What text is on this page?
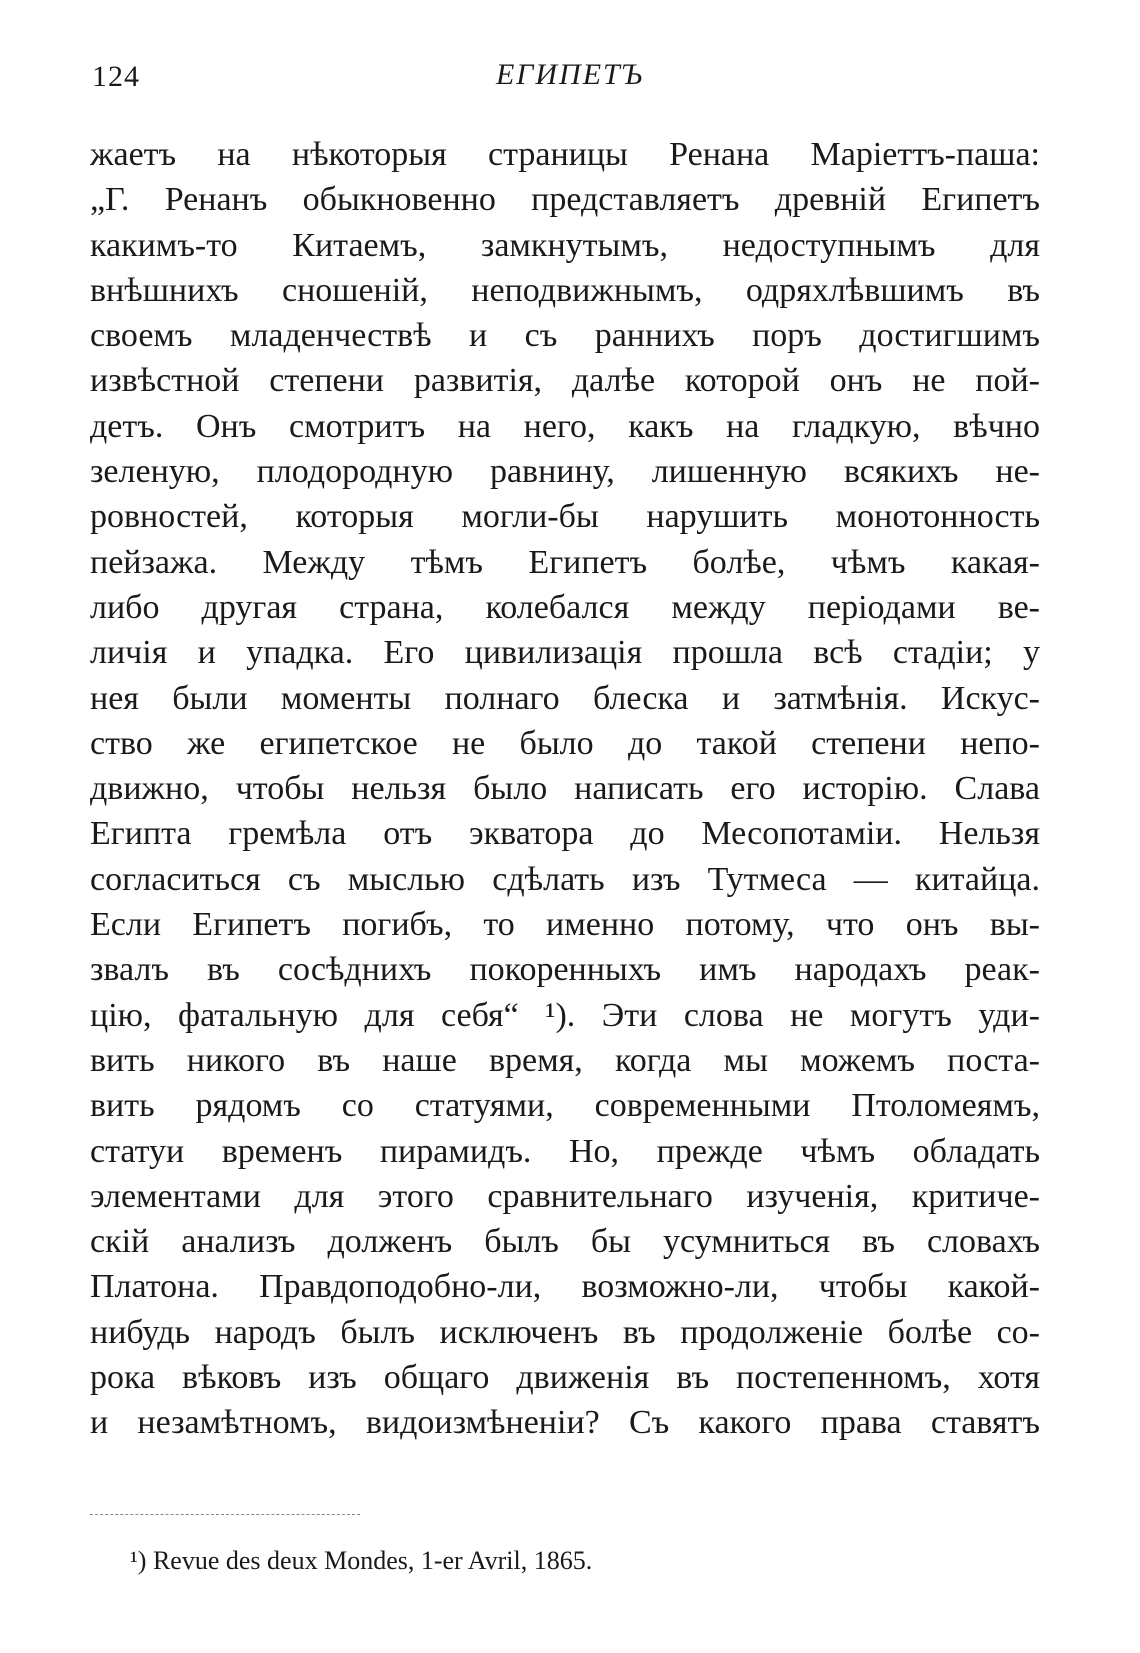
124	ЕГИПЕТЪ
жаетъ на нѣкоторыя страницы Ренана Маріеттъ-паша:
„Г. Ренанъ обыкновенно представляетъ древній Египетъ
какимъ-то Китаемъ, замкнутымъ, недоступнымъ для
внѣшнихъ сношеній, неподвижнымъ, одряхлѣвшимъ въ
своемъ младенчествѣ и съ раннихъ поръ достигшимъ
извѣстной степени развитія, далѣе которой онъ не пой-
детъ. Онъ смотритъ на него, какъ на гладкую, вѣчно
зеленую, плодородную равнину, лишенную всякихъ не-
ровностей, которыя могли-бы нарушить монотонность
пейзажа. Между тѣмъ Египетъ болѣе, чѣмъ какая-
либо другая страна, колебался между періодами ве-
личія и упадка. Его цивилизація прошла всѣ стадіи; у
нея были моменты полнаго блеска и затмѣнія. Искус-
ство же египетское не было до такой степени непо-
движно, чтобы нельзя было написать его исторію. Слава
Египта гремѣла отъ экватора до Месопотаміи. Нельзя
согласиться съ мыслью сдѣлать изъ Тутмеса — китайца.
Если Египетъ погибъ, то именно потому, что онъ вы-
звалъ въ сосѣднихъ покоренныхъ имъ народахъ реак-
цію, фатальную для себя“ ¹). Эти слова не могутъ уди-
вить никого въ наше время, когда мы можемъ поста-
вить рядомъ со статуями, современными Птоломеямъ,
статуи временъ пирамидъ. Но, прежде чѣмъ обладать
элементами для этого сравнительнаго изученія, критиче-
скій анализъ долженъ былъ бы усумниться въ словахъ
Платона. Правдоподобно-ли, возможно-ли, чтобы какой-
нибудь народъ былъ исключенъ въ продолженіе болѣе со-
рока вѣковъ изъ общаго движенія въ постепенномъ, хотя
и незамѣтномъ, видоизмѣненіи? Съ какого права ставятъ
¹) Revue des deux Mondes, 1-er Avril, 1865.
